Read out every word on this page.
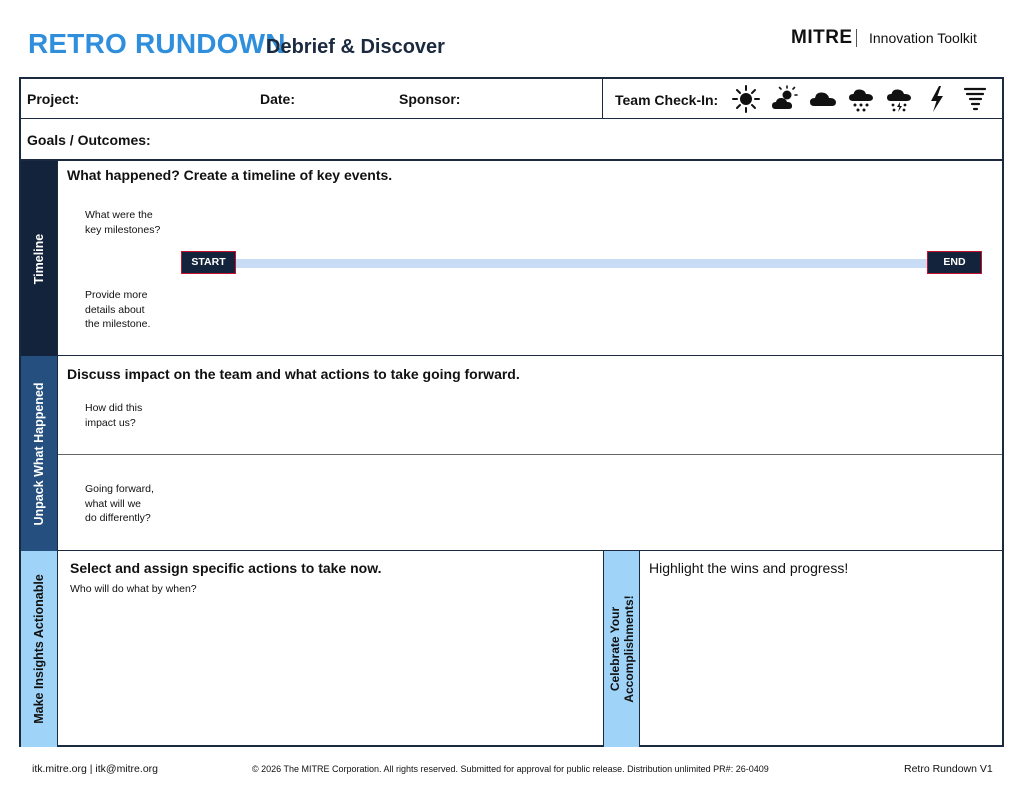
RETRO RUNDOWN
Debrief & Discover	MITRE Innovation Toolkit
Project:	Date:	Sponsor:	Team Check-In:
Goals / Outcomes:
Timeline
What happened? Create a timeline of key events.
What were the
key milestones?
Provide more
details about
the milestone.
START	END
Unpack What Happened
Discuss impact on the team and what actions to take going forward.
How did this
impact us?
Going forward,
what will we
do differently?
Make Insights Actionable
Select and assign specific actions to take now.
Who will do what by when?
Celebrate Your Accomplishments!
Highlight the wins and progress!
itk.mitre.org | itk@mitre.org	© 2026 The MITRE Corporation. All rights reserved. Submitted for approval for public release. Distribution unlimited PR#: 26-0409	Retro Rundown V1
